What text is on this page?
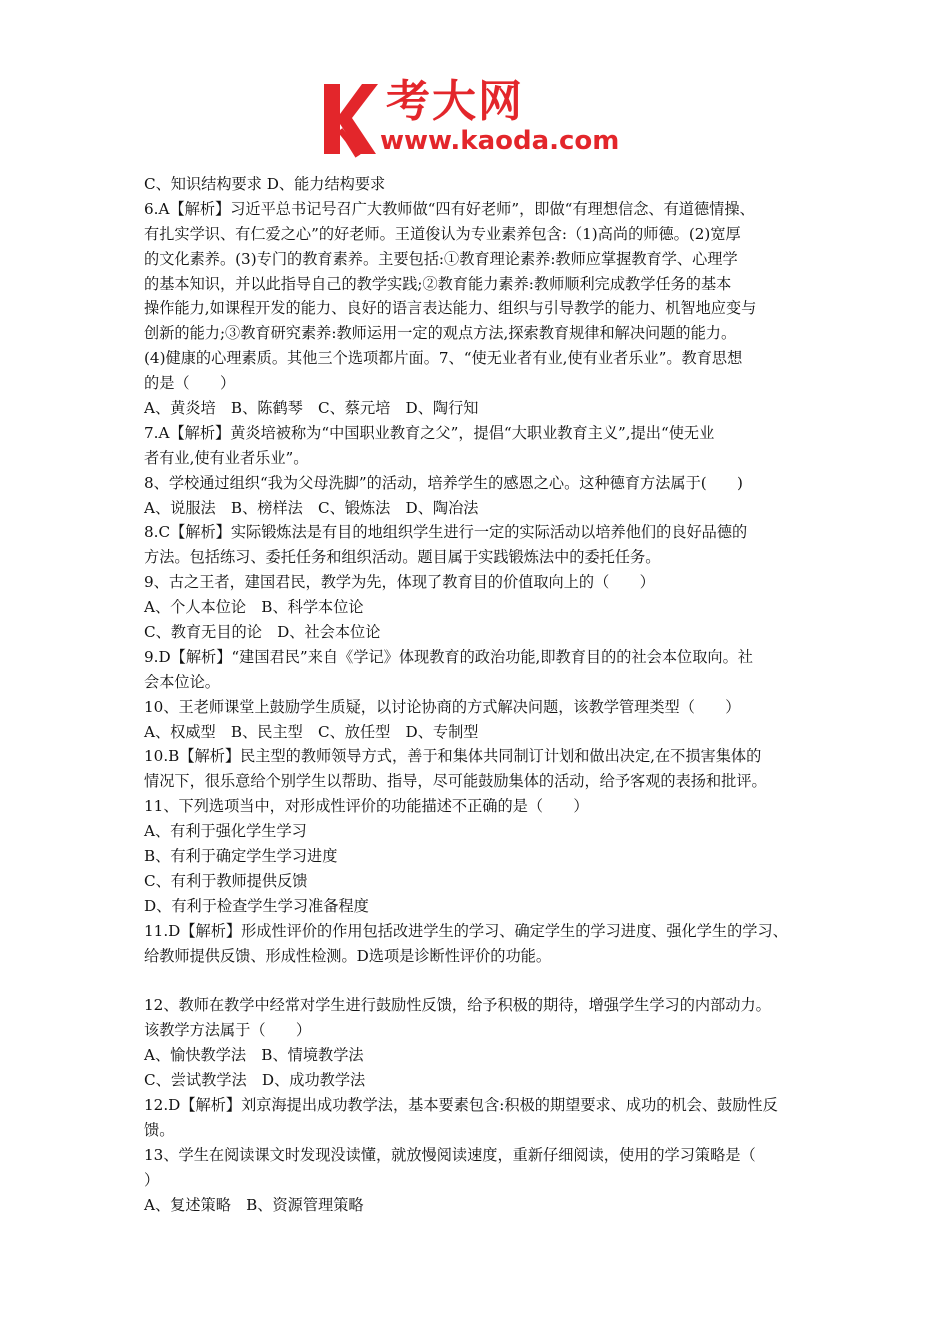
考大网
www.kaoda.com
C、知识结构要求 D、能力结构要求
6.A【解析】习近平总书记号召广大教师做“四有好老师”，即做“有理想信念、有道德情操、
有扎实学识、有仁爱之心”的好老师。王道俊认为专业素养包含:（1)高尚的师德。(2)宽厚
的文化素养。(3)专门的教育素养。主要包括:①教育理论素养:教师应掌握教育学、心理学
的基本知识，并以此指导自己的教学实践;②教育能力素养:教师顺利完成教学任务的基本
操作能力,如课程开发的能力、良好的语言表达能力、组织与引导教学的能力、机智地应变与
创新的能力;③教育研究素养:教师运用一定的观点方法,探索教育规律和解决问题的能力。
(4)健康的心理素质。其他三个选项都片面。7、“使无业者有业,使有业者乐业”。教育思想
的是（　　）
A、黄炎培　B、陈鹤琴　C、蔡元培　D、陶行知
7.A【解析】黄炎培被称为“中国职业教育之父”，提倡“大职业教育主义”,提出“使无业
者有业,使有业者乐业”。
8、学校通过组织“我为父母洗脚”的活动，培养学生的感恩之心。这种德育方法属于(　　)
A、说服法　B、榜样法　C、锻炼法　D、陶冶法
8.C【解析】实际锻炼法是有目的地组织学生进行一定的实际活动以培养他们的良好品德的
方法。包括练习、委托任务和组织活动。题目属于实践锻炼法中的委托任务。
9、古之王者，建国君民，教学为先，体现了教育目的价值取向上的（　　）
A、个人本位论　B、科学本位论
C、教育无目的论　D、社会本位论
9.D【解析】“建国君民”来自《学记》体现教育的政治功能,即教育目的的社会本位取向。社
会本位论。
10、王老师课堂上鼓励学生质疑，以讨论协商的方式解决问题，该教学管理类型（　　）
A、权威型　B、民主型　C、放任型　D、专制型
10.B【解析】民主型的教师领导方式，善于和集体共同制订计划和做出决定,在不损害集体的
情况下，很乐意给个别学生以帮助、指导，尽可能鼓励集体的活动，给予客观的表扬和批评。
11、下列选项当中，对形成性评价的功能描述不正确的是（　　）
A、有利于强化学生学习
B、有利于确定学生学习进度
C、有利于教师提供反馈
D、有利于检查学生学习准备程度
11.D【解析】形成性评价的作用包括改进学生的学习、确定学生的学习进度、强化学生的学习、
给教师提供反馈、形成性检测。D选项是诊断性评价的功能。
12、教师在教学中经常对学生进行鼓励性反馈，给予积极的期待，增强学生学习的内部动力。
该教学方法属于（　　）
A、愉快教学法　B、情境教学法
C、尝试教学法　D、成功教学法
12.D【解析】刘京海提出成功教学法，基本要素包含:积极的期望要求、成功的机会、鼓励性反
馈。
13、学生在阅读课文时发现没读懂，就放慢阅读速度，重新仔细阅读，使用的学习策略是（
）
A、复述策略　B、资源管理策略
